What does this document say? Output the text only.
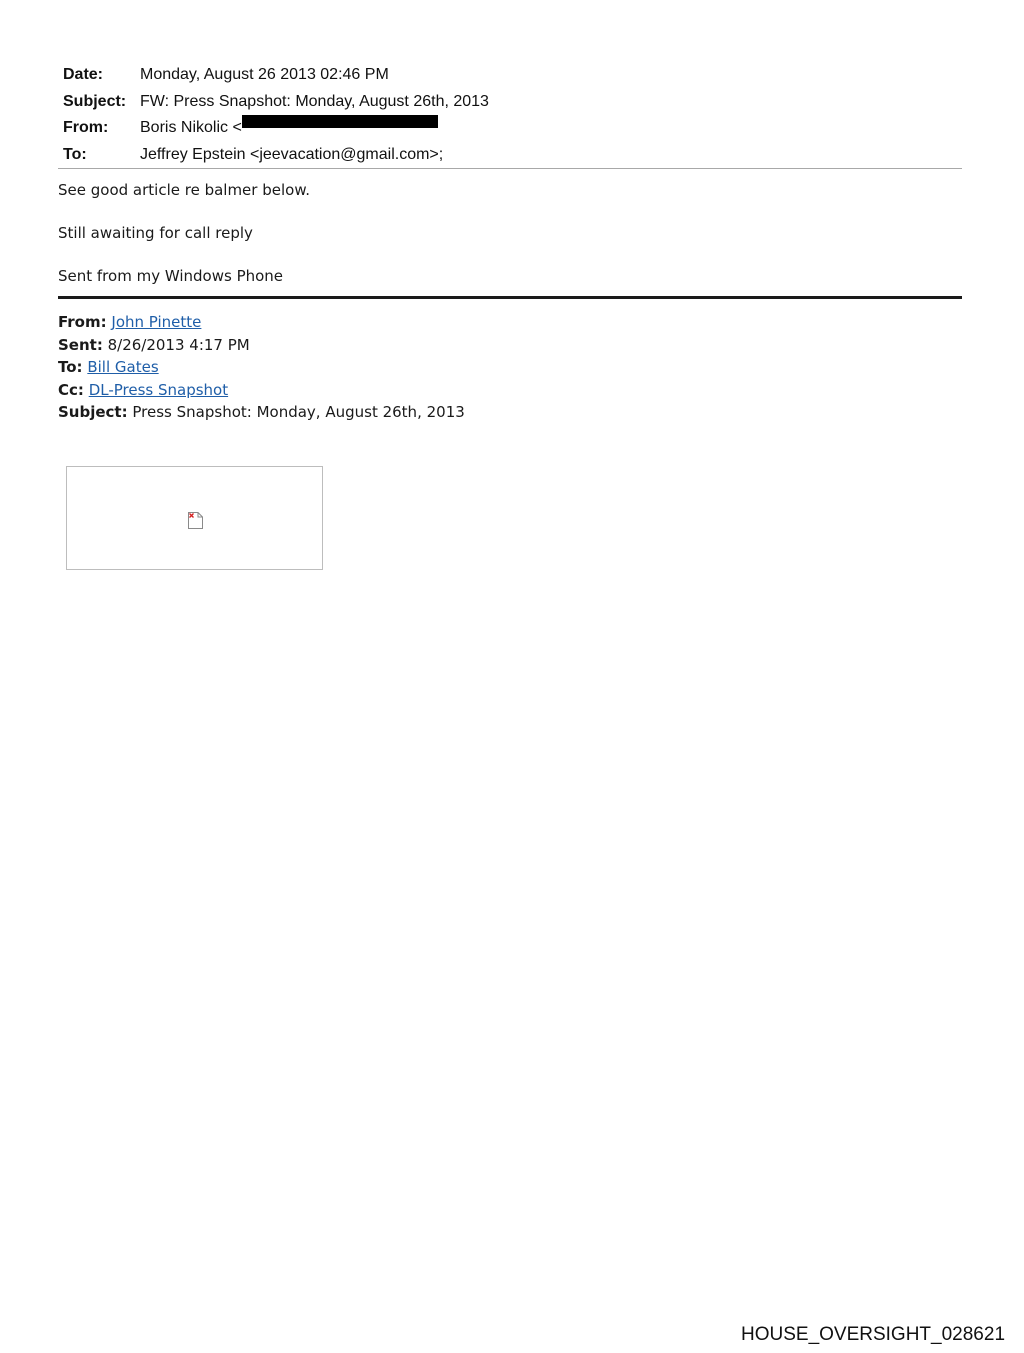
Date:	Monday, August 26 2013 02:46 PM
Subject: FW: Press Snapshot: Monday, August 26th, 2013
From:	Boris Nikolic <
To:	Jeffrey Epstein <jeevacation@gmail.com>;
See good article re balmer below.
Still awaiting for call reply
Sent from my Windows Phone
From: John Pinette
Sent: 8/26/2013 4:17 PM
To: Bill Gates
Cc: DL-Press Snapshot
Subject: Press Snapshot: Monday, August 26th, 2013
HOUSE_OVERSIGHT_028621
